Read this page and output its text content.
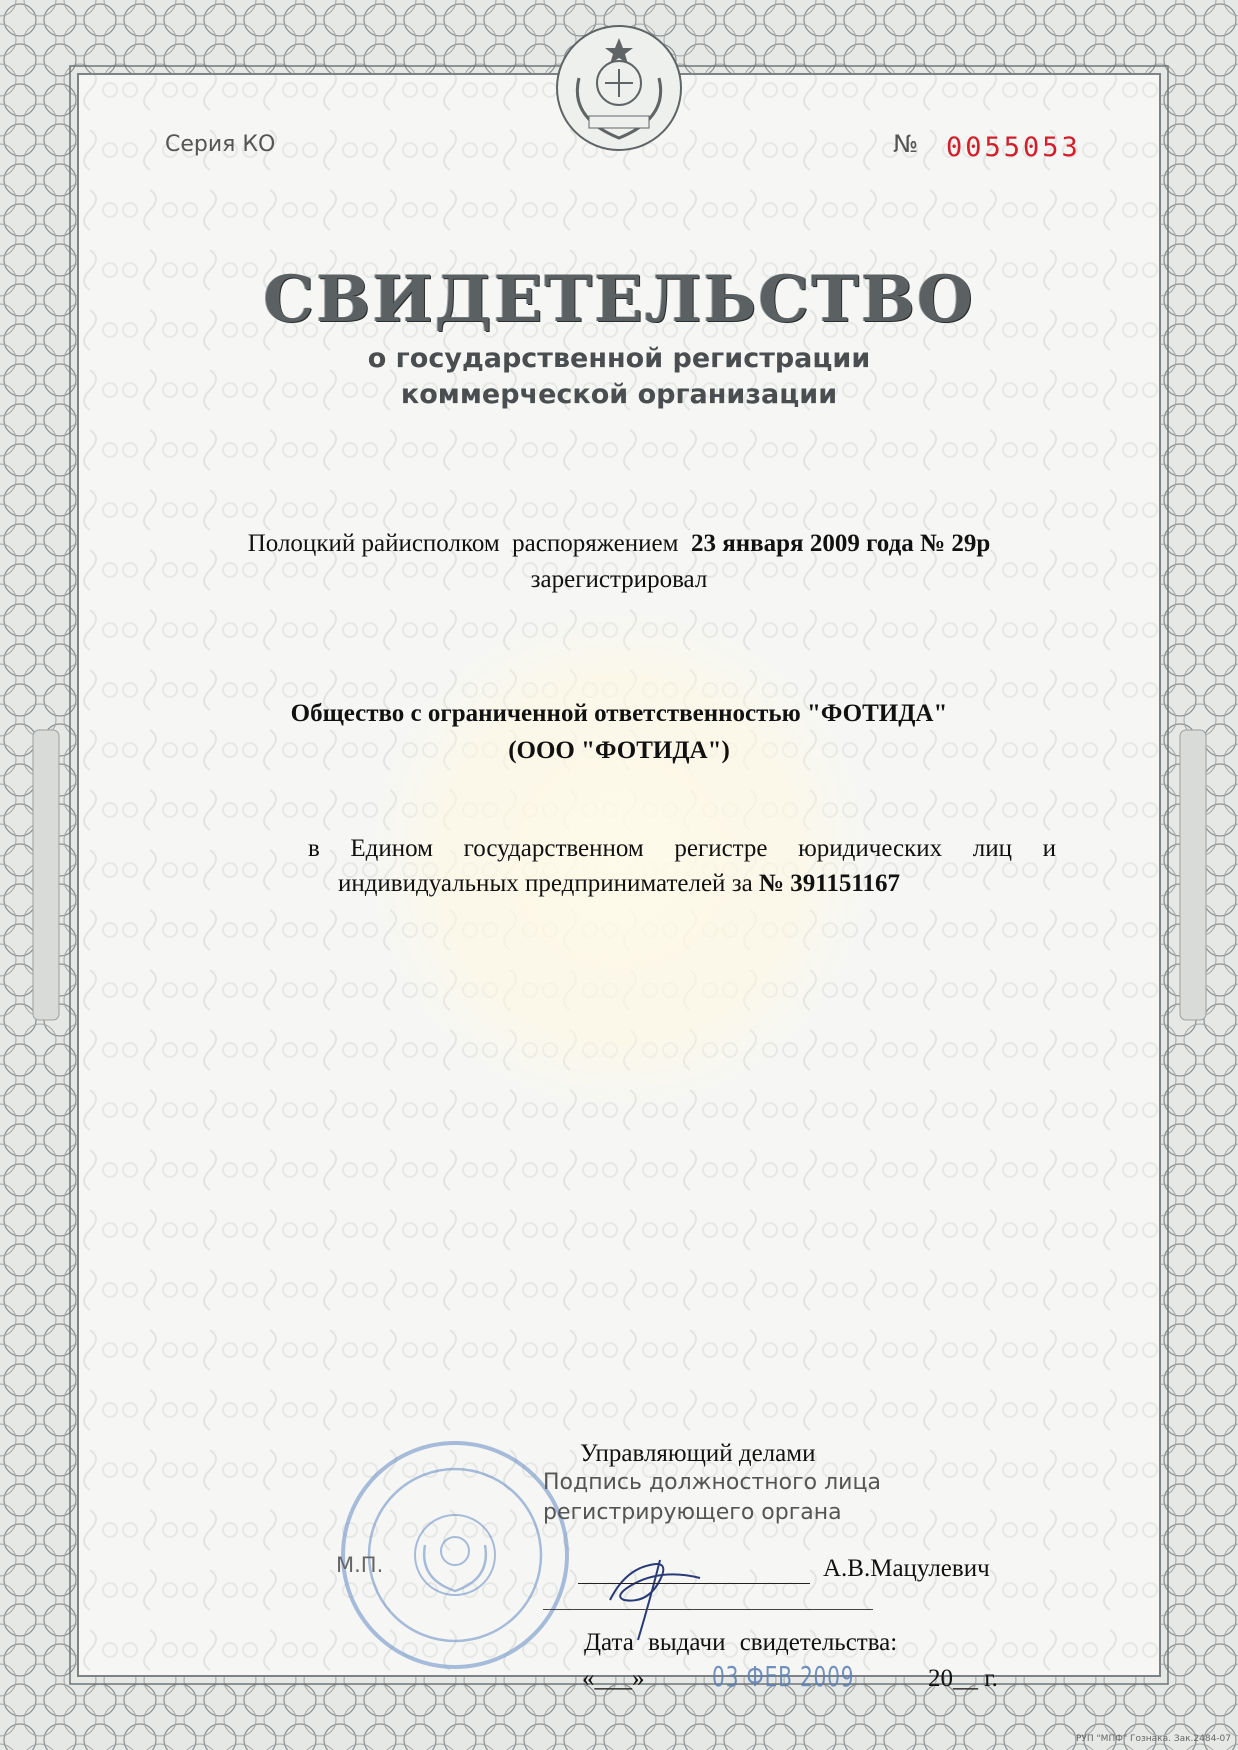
Серия КО	№ 0055053
СВИДЕТЕЛЬСТВО
о государственной регистрации
коммерческой организации
Полоцкий райисполком распоряжением 23 января 2009 года № 29р
зарегистрировал
Общество с ограниченной ответственностью "ФОТИДА"
(ООО "ФОТИДА")
в Едином государственном регистре юридических лиц и
индивидуальных предпринимателей за № 391151167
Управляющий делами
Подпись должностного лица
регистрирующего органа
М.П.	А.В.Мацулевич
Дата выдачи свидетельства:
«___» 03 ФЕВ 2009	20__ г.
РУП "МПФ" Гознака. Зак.2484-07
